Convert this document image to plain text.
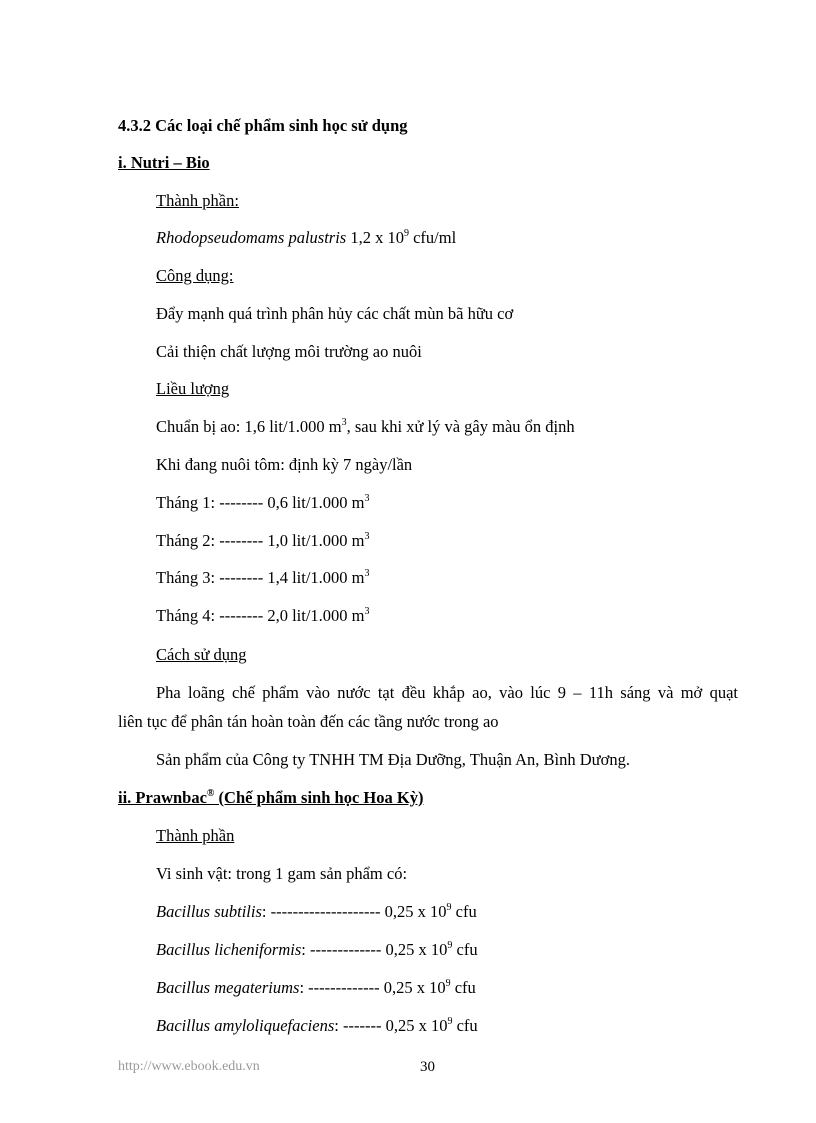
4.3.2 Các loại chế phẩm sinh học sử dụng
i. Nutri – Bio
Thành phần:
Rhodopseudomams palustris 1,2 x $10^9$ cfu/ml
Công dụng:
Đẩy mạnh quá trình phân hủy các chất mùn bã hữu cơ
Cải thiện chất lượng môi trường ao nuôi
Liều lượng
Chuẩn bị ao: 1,6 lit/1.000 $m^3$, sau khi xử lý và gây màu ổn định
Khi đang nuôi tôm: định kỳ 7 ngày/lần
Tháng 1: -------- 0,6 lit/1.000 $m^3$
Tháng 2: -------- 1,0 lit/1.000 $m^3$
Tháng 3: -------- 1,4 lit/1.000 $m^3$
Tháng 4: -------- 2,0 lit/1.000 $m^3$
Cách sử dụng
Pha loãng chế phẩm vào nước tạt đều khắp ao, vào lúc 9 – 11h sáng và mở quạt
liên tục để phân tán hoàn toàn đến các tầng nước trong ao
Sản phẩm của Công ty TNHH TM Địa Dưỡng, Thuận An, Bình Dương.
ii. Prawnbac® (Chế phẩm sinh học Hoa Kỳ)
Thành phần
Vi sinh vật: trong 1 gam sản phẩm có:
Bacillus subtilis: -------------------- 0,25 x $10^9$ cfu
Bacillus licheniformis: ------------- 0,25 x $10^9$ cfu
Bacillus megateriums: ------------- 0,25 x $10^9$ cfu
Bacillus amyloliquefaciens: ------- 0,25 x $10^9$ cfu
http://www.ebook.edu.vn	30
